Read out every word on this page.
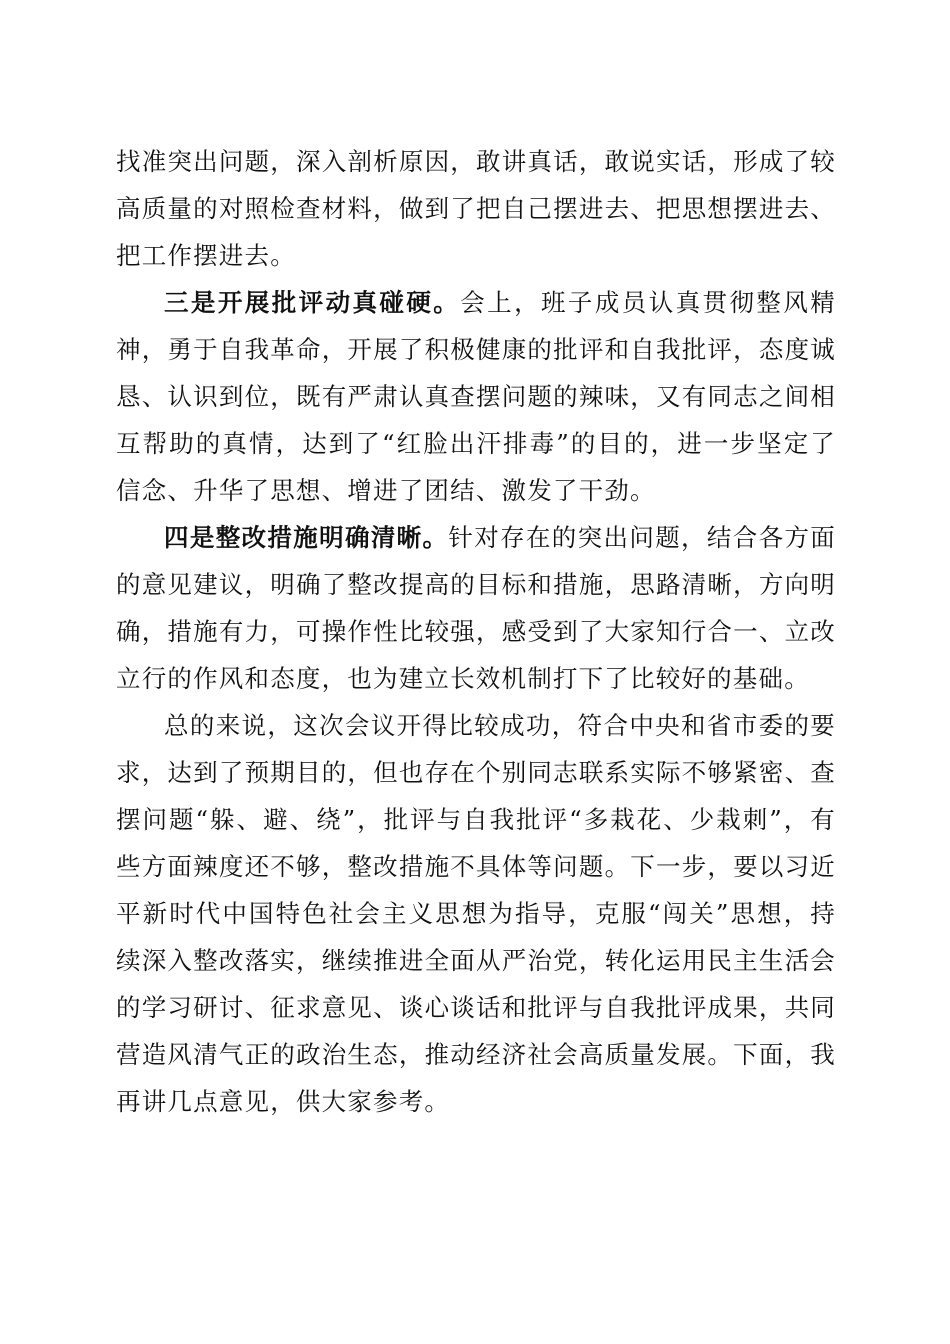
找准突出问题，深入剖析原因，敢讲真话，敢说实话，形成了较高质量的对照检查材料，做到了把自己摆进去、把思想摆进去、把工作摆进去。

三是开展批评动真碰硬。会上，班子成员认真贯彻整风精神，勇于自我革命，开展了积极健康的批评和自我批评，态度诚恳、认识到位，既有严肃认真查摆问题的辣味，又有同志之间相互帮助的真情，达到了“红脸出汗排毒”的目的，进一步坚定了信念、升华了思想、增进了团结、激发了干劲。

四是整改措施明确清晰。针对存在的突出问题，结合各方面的意见建议，明确了整改提高的目标和措施，思路清晰，方向明确，措施有力，可操作性比较强，感受到了大家知行合一、立改立行的作风和态度，也为建立长效机制打下了比较好的基础。

总的来说，这次会议开得比较成功，符合中央和省市委的要求，达到了预期目的，但也存在个别同志联系实际不够紧密、查摆问题“躲、避、绕”，批评与自我批评“多栽花、少栽刺”，有些方面辣度还不够，整改措施不具体等问题。下一步，要以习近平新时代中国特色社会主义思想为指导，克服“闯关”思想，持续深入整改落实，继续推进全面从严治党，转化运用民主生活会的学习研讨、征求意见、谈心谈话和批评与自我批评成果，共同营造风清气正的政治生态，推动经济社会高质量发展。下面，我再讲几点意见，供大家参考。
